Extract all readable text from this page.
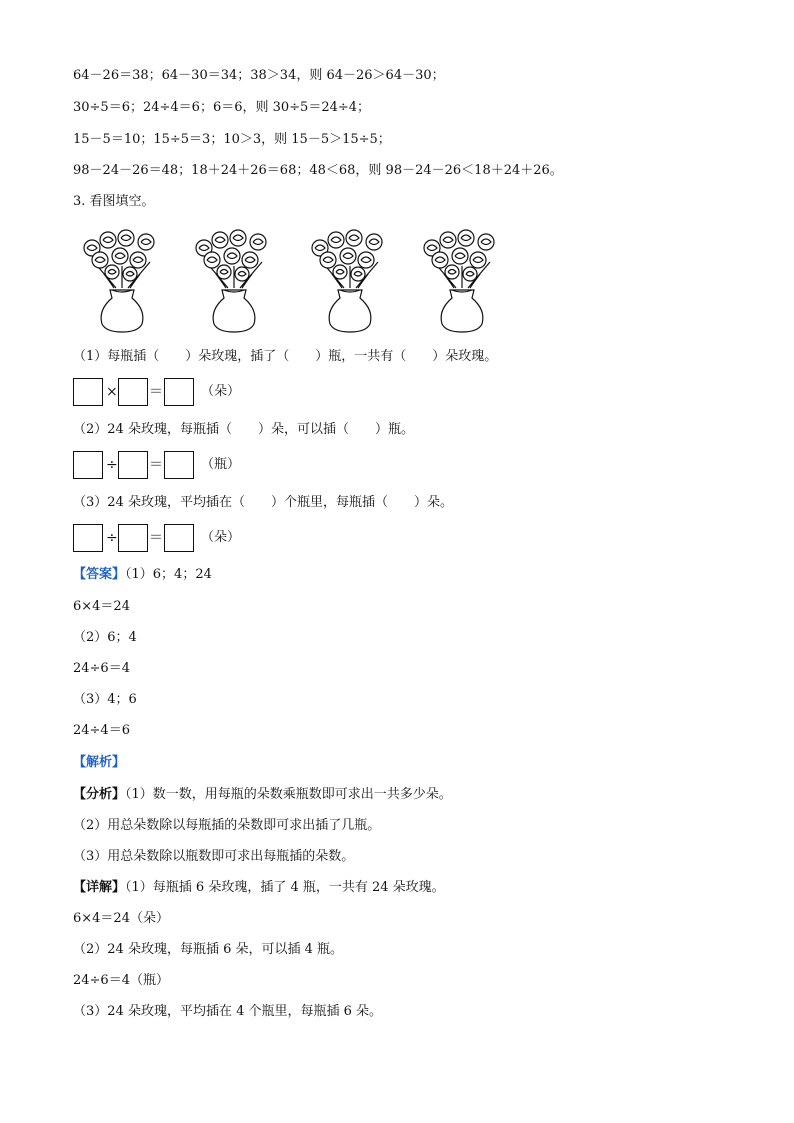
64－26＝38；64－30＝34；38＞34，则 64－26＞64－30；
30÷5＝6；24÷4＝6；6＝6，则 30÷5＝24÷4；
15－5＝10；15÷5＝3；10＞3，则 15－5＞15÷5；
98－24－26＝48；18＋24＋26＝68；48＜68，则 98－24－26＜18＋24＋26。
3. 看图填空。
（1）每瓶插（　　）朵玫瑰，插了（　　）瓶，一共有（　　）朵玫瑰。
× ＝	（朵）
（2）24 朵玫瑰，每瓶插（　　）朵，可以插（　　）瓶。
÷ ＝	（瓶）
（3）24 朵玫瑰，平均插在（　　）个瓶里，每瓶插（　　）朵。
÷ ＝	（朵）
【答案】（1）6；4；24
6×4＝24
（2）6；4
24÷6＝4
（3）4；6
24÷4＝6
【解析】
【分析】（1）数一数，用每瓶的朵数乘瓶数即可求出一共多少朵。
（2）用总朵数除以每瓶插的朵数即可求出插了几瓶。
（3）用总朵数除以瓶数即可求出每瓶插的朵数。
【详解】（1）每瓶插 6 朵玫瑰，插了 4 瓶，一共有 24 朵玫瑰。
6×4＝24（朵）
（2）24 朵玫瑰，每瓶插 6 朵，可以插 4 瓶。
24÷6＝4（瓶）
（3）24 朵玫瑰，平均插在 4 个瓶里，每瓶插 6 朵。
